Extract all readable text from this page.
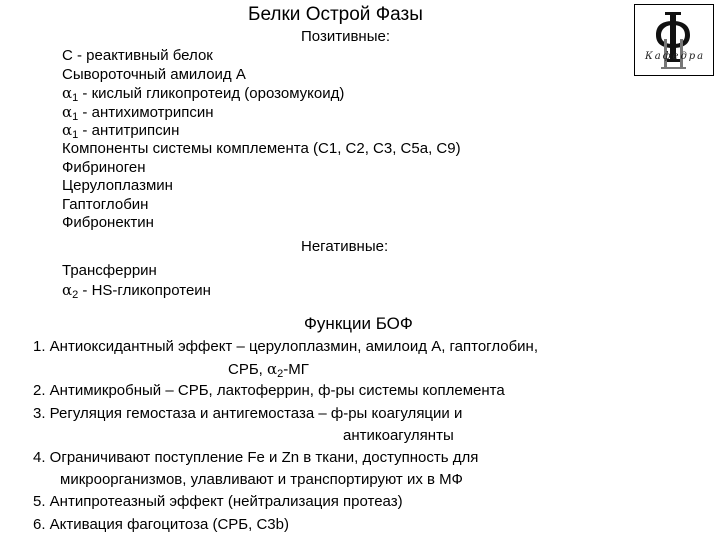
Белки Острой Фазы
Кафедра
Позитивные:
С - реактивный белок
Сывороточный амилоид А
$\alpha_1$ - кислый гликопротеид (орозомукоид)
$\alpha_1$ - антихимотрипсин
$\alpha_1$ - антитрипсин
Компоненты системы комплемента (С1, С2, С3, С5а, С9)
Фибриноген
Церулоплазмин
Гаптоглобин
Фибронектин
Негативные:
Трансферрин
$\alpha_2$ - HS-гликопротеин
Функции БОФ
1. Антиоксидантный эффект – церулоплазмин, амилоид А, гаптоглобин,
СРБ, $\alpha_2-МГ$
2. Антимикробный – СРБ, лактоферрин, ф-ры системы коплемента
3. Регуляция гемостаза и антигемостаза – ф-ры коагуляции и
антикоагулянты
4. Ограничивают поступление Fe и Zn в ткани, доступность для
микроорганизмов, улавливают и транспортируют их в МФ
5. Антипротеазный эффект (нейтрализация протеаз)
6. Активация фагоцитоза (СРБ, С3b)
